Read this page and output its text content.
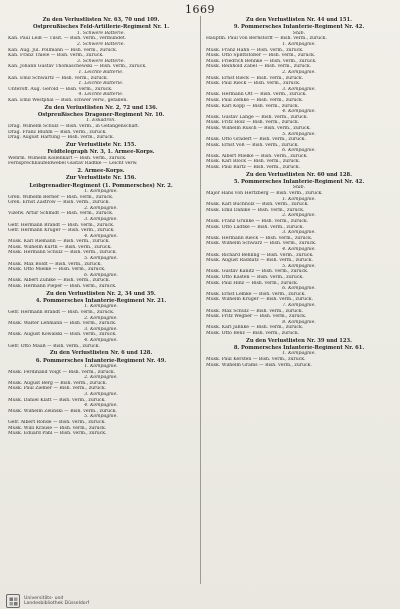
1669
Zu den Verlustlisten Nr. 63, 70 und 109.
Ostpreußisches Feld-Artillerie-Regiment Nr. 1.
1. Schwere Batterie.
Kan. Paul Leiß — Tilsit. — Bish. verm., vermundet.
2. Schwere Batterie.
Kan. Aug. Jul. Pollmann — Bish. verm., zurück.
Kan. Franz Thiele — Bish. verm., zurück.
3. Schwere Batterie.
Kan. Johann Gustav Thomaschewski — Bish. verm., zurück.
1. Leichte Batterie.
Kan. Emil Schwartz — Bish. verm., zurück.
1. Leichte Batterie.
Unteroff. Aug. Gerold — Bish. verm., zurück.
4. Leichte Batterie.
Kan. Emil Westphal — Bish. schwer verw., gefallen.
Zu den Verlustlisten Nr. 2, 72 und 136.
Ostpreußisches Dragoner-Regiment Nr. 10.
1. Eskadron.
Drag. Wilhelm Schulz — Bish. verm., in Gefangenschaft.
Drag. Franz Bluhm — Bish. verm., zurück.
Drag. August Hartung — Bish. verm., zurück.
Zur Verlustliste Nr. 155.
Feldtelegraph Nr. 3, 1. Armee-Korps.
Wehrm. Wilhelm Kollenkart — Bish. verm., zurück.
Fernsprechbaufeldwebel Gustav Radtke — Leicht verw.
2. Armee-Korps.
Zur Verlustliste Nr. 156.
Leibgrenadier-Regiment (1. Pommersches) Nr. 2.
1. Kompagnie.
Gren. Wilhelm Berner — Bish. verm., zurück.
Gren. Ernst Zastrow — Bish. verm., zurück.
2. Kompagnie.
Vizefw. Artur Schmidt — Bish. verm., zurück.
3. Kompagnie.
Gefr. Hermann Brandt — Bish. verm., zurück.
Gefr. Hermann Krüger — Bish. verm., zurück.
4. Kompagnie.
Musk. Karl Riemann — Bish. verm., zurück.
Musk. Wilhelm Kurth — Bish. verm., zurück.
Musk. Hermann Schulz — Bish. verm., zurück.
5. Kompagnie.
Musk. Max Boldt — Bish. verm., zurück.
Musk. Otto Mielke — Bish. verm., zurück.
6. Kompagnie.
Musk. Albert Zühlke — Bish. verm., zurück.
Musk. Hermann Pieper — Bish. verm., zurück.
Zu den Verlustlisten Nr. 2, 34 und 39.
4. Pommersches Infanterie-Regiment Nr. 21.
1. Kompagnie.
Gefr. Hermann Brandt — Bish. verm., zurück.
2. Kompagnie.
Musk. Walter Lehmann — Bish. verm., zurück.
3. Kompagnie.
Musk. August Kowalski — Bish. verm., zurück.
4. Kompagnie.
Gefr. Otto Maaß — Bish. verm., zurück.
Zu den Verlustlisten Nr. 6 und 128.
6. Pommersches Infanterie-Regiment Nr. 49.
1. Kompagnie.
Musk. Ferdinand Voigt — Bish. verm., zurück.
2. Kompagnie.
Musk. August Berg — Bish. verm., zurück.
Musk. Paul Ziemer — Bish. verm., zurück.
3. Kompagnie.
Musk. Daniel Klatt — Bish. verm., zurück.
4. Kompagnie.
Musk. Wilhelm Zelinski — Bish. verm., zurück.
5. Kompagnie.
Gefr. Albert Rohde — Bish. verm., zurück.
Musk. Willi Krause — Bish. verm., zurück.
Musk. Eduard Pahl — Bish. verm., zurück.
Zu den Verlustlisten Nr. 44 und 151.
9. Pommersches Infanterie-Regiment Nr. 42.
Stab.
Hauptm. Paul von Bernstorff — Bish. verm., zurück.
1. Kompagnie.
Musk. Franz Hahn — Bish. verm., zurück.
Musk. Otto Splittstößer — Bish. verm., zurück.
Musk. Friedrich Behnke — Bish. verm., zurück.
Musk. Reinhold Zabel — Bish. verm., zurück.
2. Kompagnie.
Musk. Ernst Rieck — Bish. verm., zurück.
Musk. Paul Rieck — Bish. verm., zurück.
3. Kompagnie.
Musk. Hermann Ott — Bish. verm., zurück.
Musk. Paul Zemke — Bish. verm., zurück.
Musk. Karl Kopp — Bish. verm., zurück.
4. Kompagnie.
Musk. Gustav Lange — Bish. verm., zurück.
Musk. Fritz Holz — Bish. verm., zurück.
Musk. Wilhelm Rusch — Bish. verm., zurück.
5. Kompagnie.
Musk. Otto Gradert — Bish. verm., zurück.
Musk. Ernst Voß — Bish. verm., zurück.
6. Kompagnie.
Musk. Albert Mielke — Bish. verm., zurück.
Musk. Karl Block — Bish. verm., zurück.
Musk. Paul Bartz — Bish. verm., zurück.
Zu den Verlustlisten Nr. 60 und 128.
5. Pommersches Infanterie-Regiment Nr. 42.
Stab.
Major Hans von Hertzberg — Bish. verm., zurück.
1. Kompagnie.
Musk. Karl Buchholz — Bish. verm., zurück.
Musk. Emil Dahlke — Bish. verm., zurück.
2. Kompagnie.
Musk. Franz Grünke — Bish. verm., zurück.
Musk. Otto Lüdtke — Bish. verm., zurück.
3. Kompagnie.
Musk. Hermann Rieck — Bish. verm., zurück.
Musk. Wilhelm Schwarz — Bish. verm., zurück.
4. Kompagnie.
Musk. Richard Behling — Bish. verm., zurück.
Musk. August Raddatz — Bish. verm., zurück.
5. Kompagnie.
Musk. Gustav Kanitz — Bish. verm., zurück.
Musk. Otto Kasten — Bish. verm., zurück.
Musk. Paul Hinz — Bish. verm., zurück.
6. Kompagnie.
Musk. Ernst Lemke — Bish. verm., zurück.
Musk. Wilhelm Krüger — Bish. verm., zurück.
7. Kompagnie.
Musk. Max Schulz — Bish. verm., zurück.
Musk. Fritz Wegner — Bish. verm., zurück.
8. Kompagnie.
Musk. Karl Jahnke — Bish. verm., zurück.
Musk. Otto Benz — Bish. verm., zurück.
Zu den Verlustlisten Nr. 39 und 123.
8. Pommersches Infanterie-Regiment Nr. 61.
1. Kompagnie.
Musk. Paul Kersten — Bish. verm., zurück.
Musk. Wilhelm Grams — Bish. verm., zurück.
Universitäts- und
Landesbibliothek Düsseldorf
